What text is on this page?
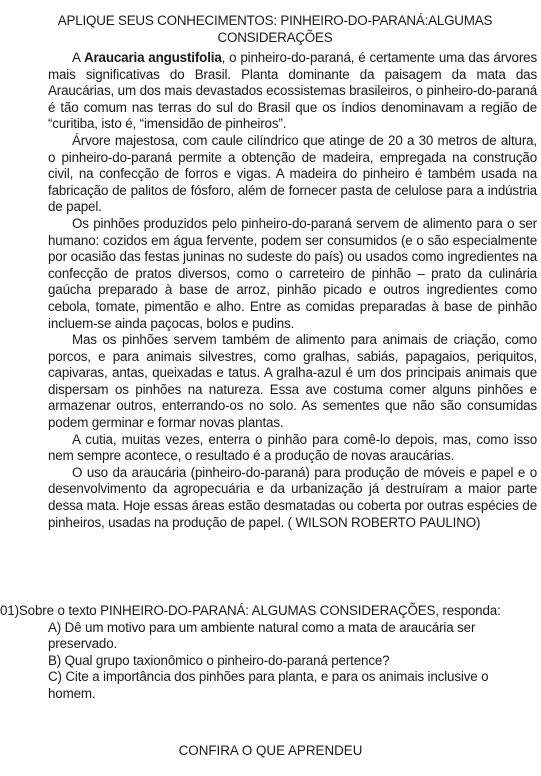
APLIQUE SEUS CONHECIMENTOS: PINHEIRO-DO-PARANÁ:ALGUMAS CONSIDERAÇÕES

A Araucaria angustifolia, o pinheiro-do-paraná, é certamente uma das árvores mais significativas do Brasil. Planta dominante da paisagem da mata das Araucárias, um dos mais devastados ecossistemas brasileiros, o pinheiro-do-paraná é tão comum nas terras do sul do Brasil que os índios denominavam a região de “curitiba, isto é, “imensidão de pinheiros”.

Árvore majestosa, com caule cilíndrico que atinge de 20 a 30 metros de altura, o pinheiro-do-paraná permite a obtenção de madeira, empregada na construção civil, na confecção de forros e vigas. A madeira do pinheiro é também usada na fabricação de palitos de fósforo, além de fornecer pasta de celulose para a indústria de papel.

Os pinhões produzidos pelo pinheiro-do-paraná servem de alimento para o ser humano: cozidos em água fervente, podem ser consumidos (e o são especialmente por ocasião das festas juninas no sudeste do país) ou usados como ingredientes na confecção de pratos diversos, como o carreteiro de pinhão – prato da culinária gaúcha preparado à base de arroz, pinhão picado e outros ingredientes como cebola, tomate, pimentão e alho. Entre as comidas preparadas à base de pinhão incluem-se ainda paçocas, bolos e pudins.

Mas os pinhões servem também de alimento para animais de criação, como porcos, e para animais silvestres, como gralhas, sabiás, papagaios, periquitos, capivaras, antas, queixadas e tatus. A gralha-azul é um dos principais animais que dispersam os pinhões na natureza. Essa ave costuma comer alguns pinhões e armazenar outros, enterrando-os no solo. As sementes que não são consumidas podem germinar e formar novas plantas.

A cutia, muitas vezes, enterra o pinhão para comê-lo depois, mas, como isso nem sempre acontece, o resultado é a produção de novas araucárias.

O uso da araucária (pinheiro-do-paraná) para produção de móveis e papel e o desenvolvimento da agropecuária e da urbanização já destruíram a maior parte dessa mata. Hoje essas áreas estão desmatadas ou coberta por outras espécies de pinheiros, usadas na produção de papel. ( WILSON ROBERTO PAULINO)

01)Sobre o texto PINHEIRO-DO-PARANÁ: ALGUMAS CONSIDERAÇÕES, responda:

A) Dê um motivo para um ambiente natural como a mata de araucária ser preservado.

B) Qual grupo taxionômico o pinheiro-do-paraná pertence?

C) Cite a importância dos pinhões para planta, e para os animais inclusive o homem.

CONFIRA O QUE APRENDEU
